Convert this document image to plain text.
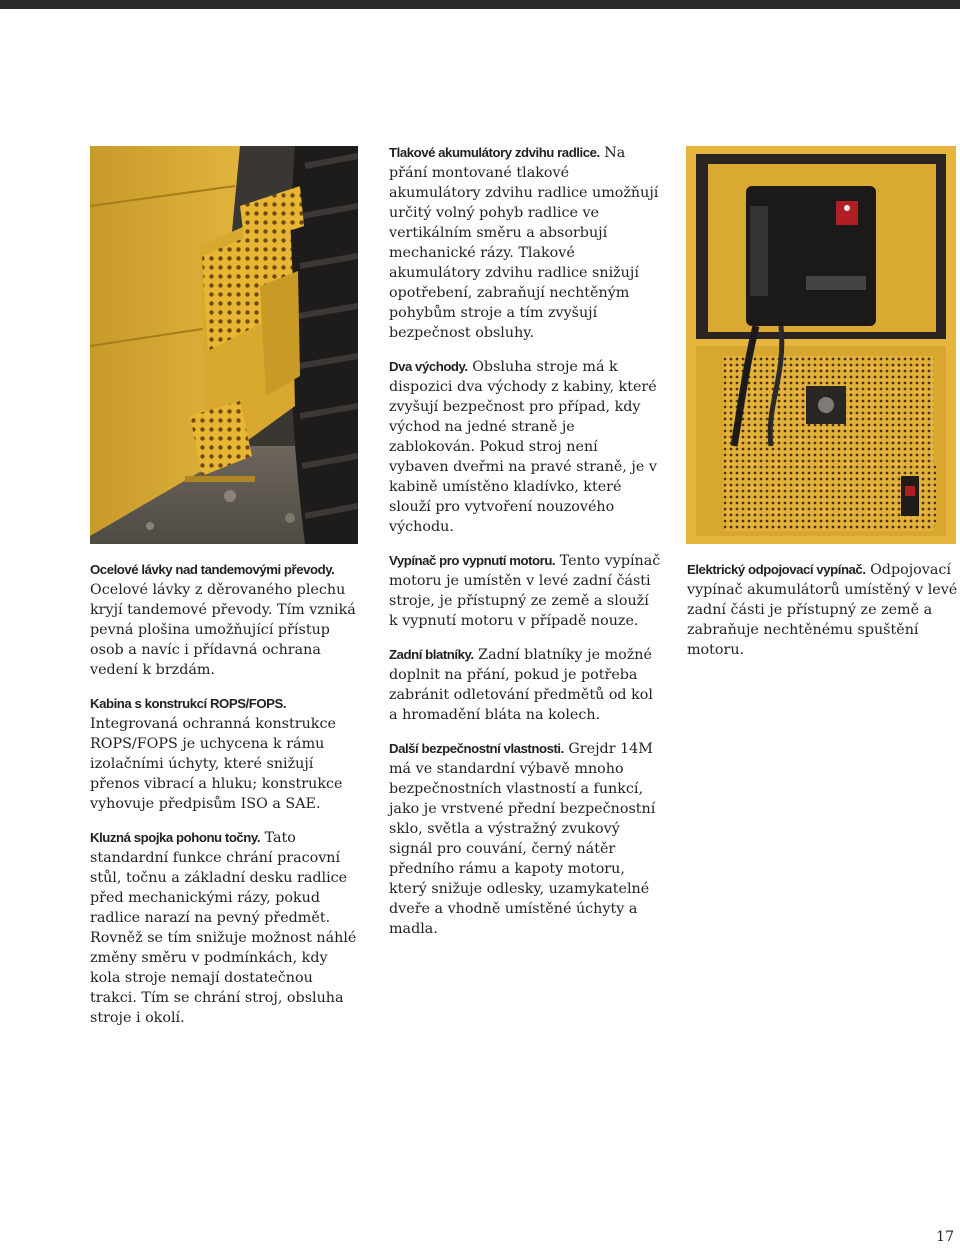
Ocelové lávky nad tandemovými převody. Ocelové lávky z děrovaného plechu kryjí tandemové převody. Tím vzniká pevná plošina umožňující přístup osob a navíc i přídavná ochrana vedení k brzdám.

Kabina s konstrukcí ROPS/FOPS. Integrovaná ochranná konstrukce ROPS/FOPS je uchycena k rámu izolačními úchyty, které snižují přenos vibrací a hluku; konstrukce vyhovuje předpisům ISO a SAE.

Kluzná spojka pohonu točny. Tato standardní funkce chrání pracovní stůl, točnu a základní desku radlice před mechanickými rázy, pokud radlice narazí na pevný předmět. Rovněž se tím snižuje možnost náhlé změny směru v podmínkách, kdy kola stroje nemají dostatečnou trakci. Tím se chrání stroj, obsluha stroje i okolí.

Tlakové akumulátory zdvihu radlice. Na přání montované tlakové akumulátory zdvihu radlice umožňují určitý volný pohyb radlice ve vertikálním směru a absorbují mechanické rázy. Tlakové akumulátory zdvihu radlice snižují opotřebení, zabraňují nechtěným pohybům stroje a tím zvyšují bezpečnost obsluhy.

Dva východy. Obsluha stroje má k dispozici dva východy z kabiny, které zvyšují bezpečnost pro případ, kdy východ na jedné straně je zablokován. Pokud stroj není vybaven dveřmi na pravé straně, je v kabině umístěno kladívko, které slouží pro vytvoření nouzového východu.

Vypínač pro vypnutí motoru. Tento vypínač motoru je umístěn v levé zadní části stroje, je přístupný ze země a slouží k vypnutí motoru v případě nouze.

Zadní blatníky. Zadní blatníky je možné doplnit na přání, pokud je potřeba zabránit odletování předmětů od kol a hromadění bláta na kolech.

Další bezpečnostní vlastnosti. Grejdr 14M má ve standardní výbavě mnoho bezpečnostních vlastností a funkcí, jako je vrstvené přední bezpečnostní sklo, světla a výstražný zvukový signál pro couvání, černý nátěr předního rámu a kapoty motoru, který snižuje odlesky, uzamykatelné dveře a vhodně umístěné úchyty a madla.

Elektrický odpojovací vypínač. Odpojovací vypínač akumulátorů umístěný v levé zadní části je přístupný ze země a zabraňuje nechtěnému spuštění motoru.

17
